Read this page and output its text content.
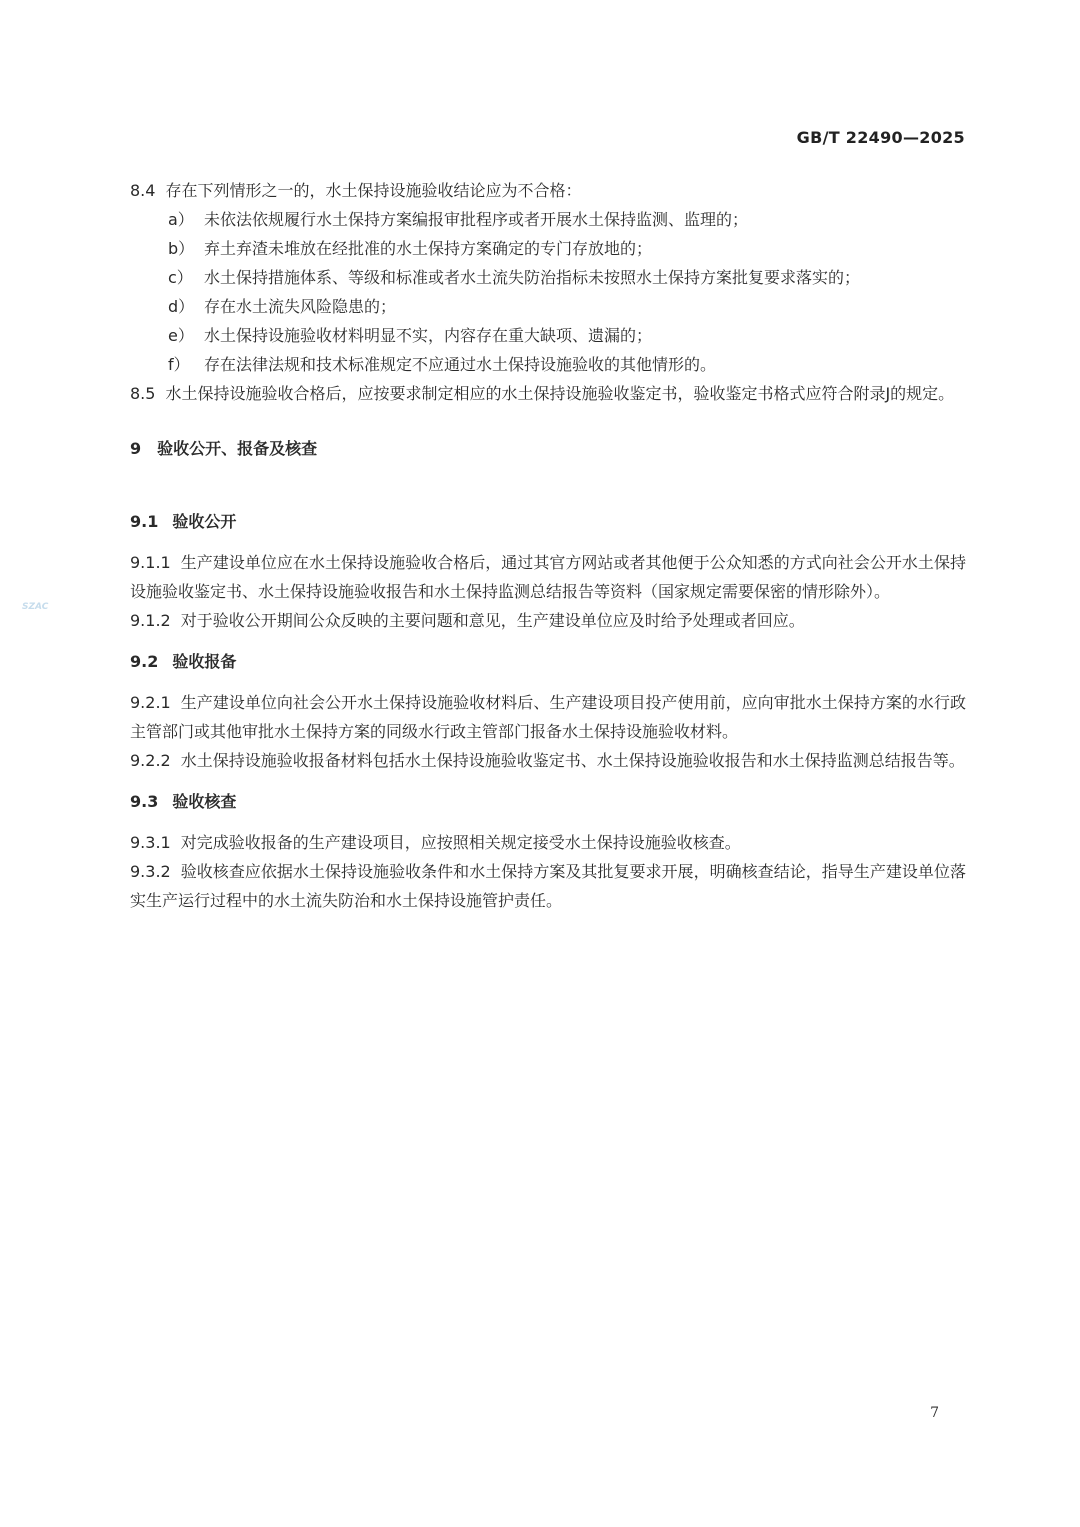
GB/T 22490—2025
SZAC

8.4 存在下列情形之一的，水土保持设施验收结论应为不合格：

a） 未依法依规履行水土保持方案编报审批程序或者开展水土保持监测、监理的；

b） 弃土弃渣未堆放在经批准的水土保持方案确定的专门存放地的；

c） 水土保持措施体系、等级和标准或者水土流失防治指标未按照水土保持方案批复要求落实的；

d） 存在水土流失风险隐患的；

e） 水土保持设施验收材料明显不实，内容存在重大缺项、遗漏的；

f） 存在法律法规和技术标准规定不应通过水土保持设施验收的其他情形的。

8.5 水土保持设施验收合格后，应按要求制定相应的水土保持设施验收鉴定书，验收鉴定书格式应符合附录J的规定。

9 验收公开、报备及核查

9.1 验收公开

9.1.1 生产建设单位应在水土保持设施验收合格后，通过其官方网站或者其他便于公众知悉的方式向社会公开水土保持设施验收鉴定书、水土保持设施验收报告和水土保持监测总结报告等资料（国家规定需要保密的情形除外）。

9.1.2 对于验收公开期间公众反映的主要问题和意见，生产建设单位应及时给予处理或者回应。

9.2 验收报备

9.2.1 生产建设单位向社会公开水土保持设施验收材料后、生产建设项目投产使用前，应向审批水土保持方案的水行政主管部门或其他审批水土保持方案的同级水行政主管部门报备水土保持设施验收材料。

9.2.2 水土保持设施验收报备材料包括水土保持设施验收鉴定书、水土保持设施验收报告和水土保持监测总结报告等。

9.3 验收核查

9.3.1 对完成验收报备的生产建设项目，应按照相关规定接受水土保持设施验收核查。

9.3.2 验收核查应依据水土保持设施验收条件和水土保持方案及其批复要求开展，明确核查结论，指导生产建设单位落实生产运行过程中的水土流失防治和水土保持设施管护责任。

7
